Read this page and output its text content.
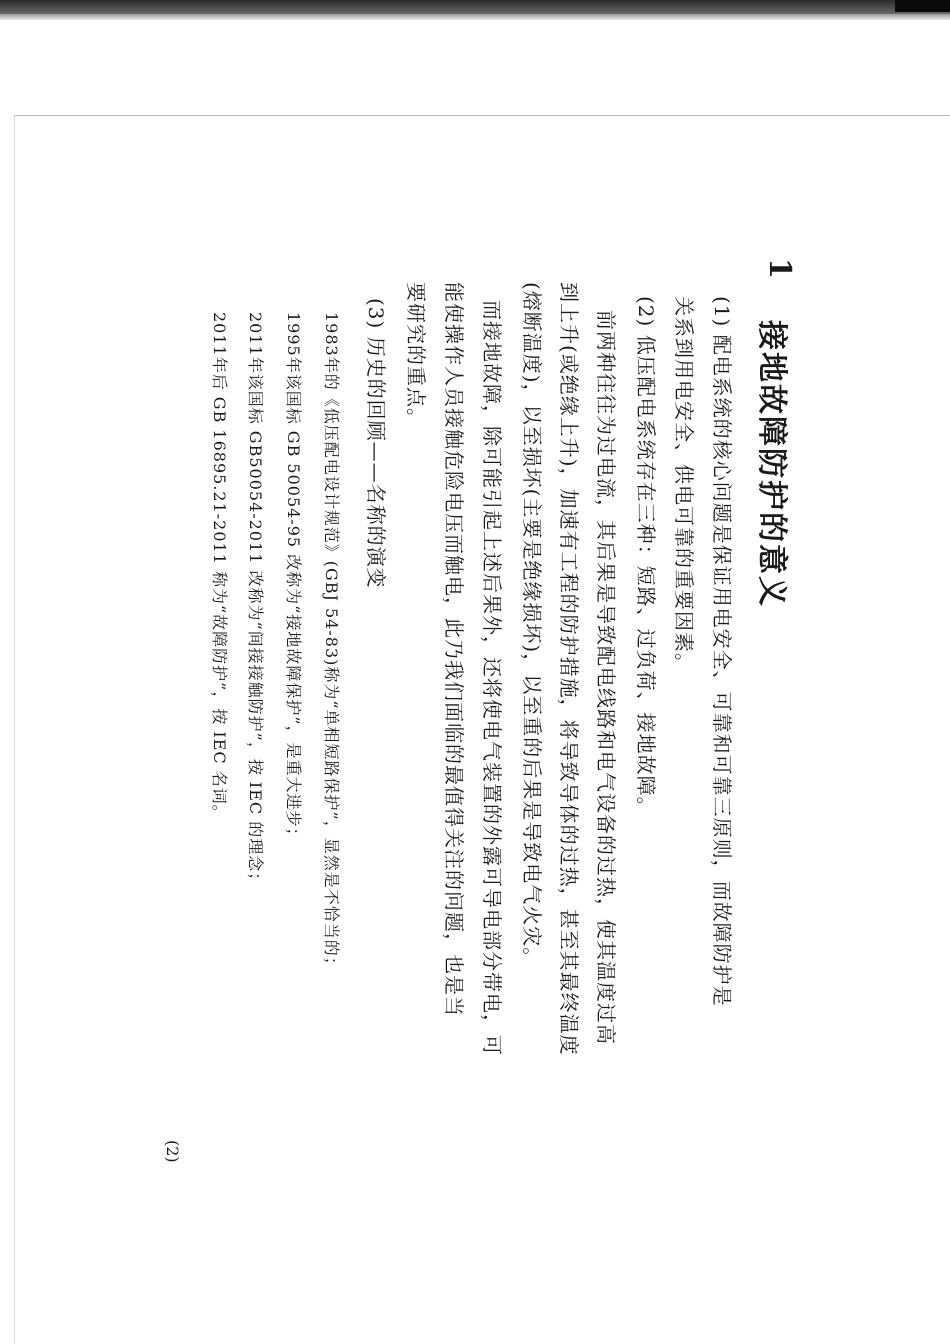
1
接地故障防护的意义
(1) 配电系统的核心问题是保证用电安全、可靠和可靠三原则，而故障防护是
关系到用电安全、供电可靠的重要因素。
(2) 低压配电系统存在三种：短路、过负荷、接地故障。
前两种往往为过电流，其后果是导致配电线路和电气设备的过热，使其温度过高
到上升(或绝缘上升)，加速有工程的防护措施，将导致导体的过热，甚至其最终温度
(熔断温度)，以至损坏(主要是绝缘损坏)，以至重的后果是导致电气火灾。
而接地故障，除可能引起上述后果外，还将使电气装置的外露可导电部分带电，可
能使操作人员接触危险电压而触电，此乃我们面临的最值得关注的问题，也是当
要研究的重点。
(3) 历史的回顾——名称的演变
1983年的《低压配电设计规范》(GBJ 54-83)称为“单相短路保护”，显然是不恰当的；
1995年该国标 GB 50054-95 改称为“接地故障保护”，是重大进步；
2011年该国标 GB50054-2011 改称为“间接接触防护”，按 IEC 的理念；
2011年后 GB 16895.21-2011 称为“故障防护”，按 IEC 名词。
(2)
